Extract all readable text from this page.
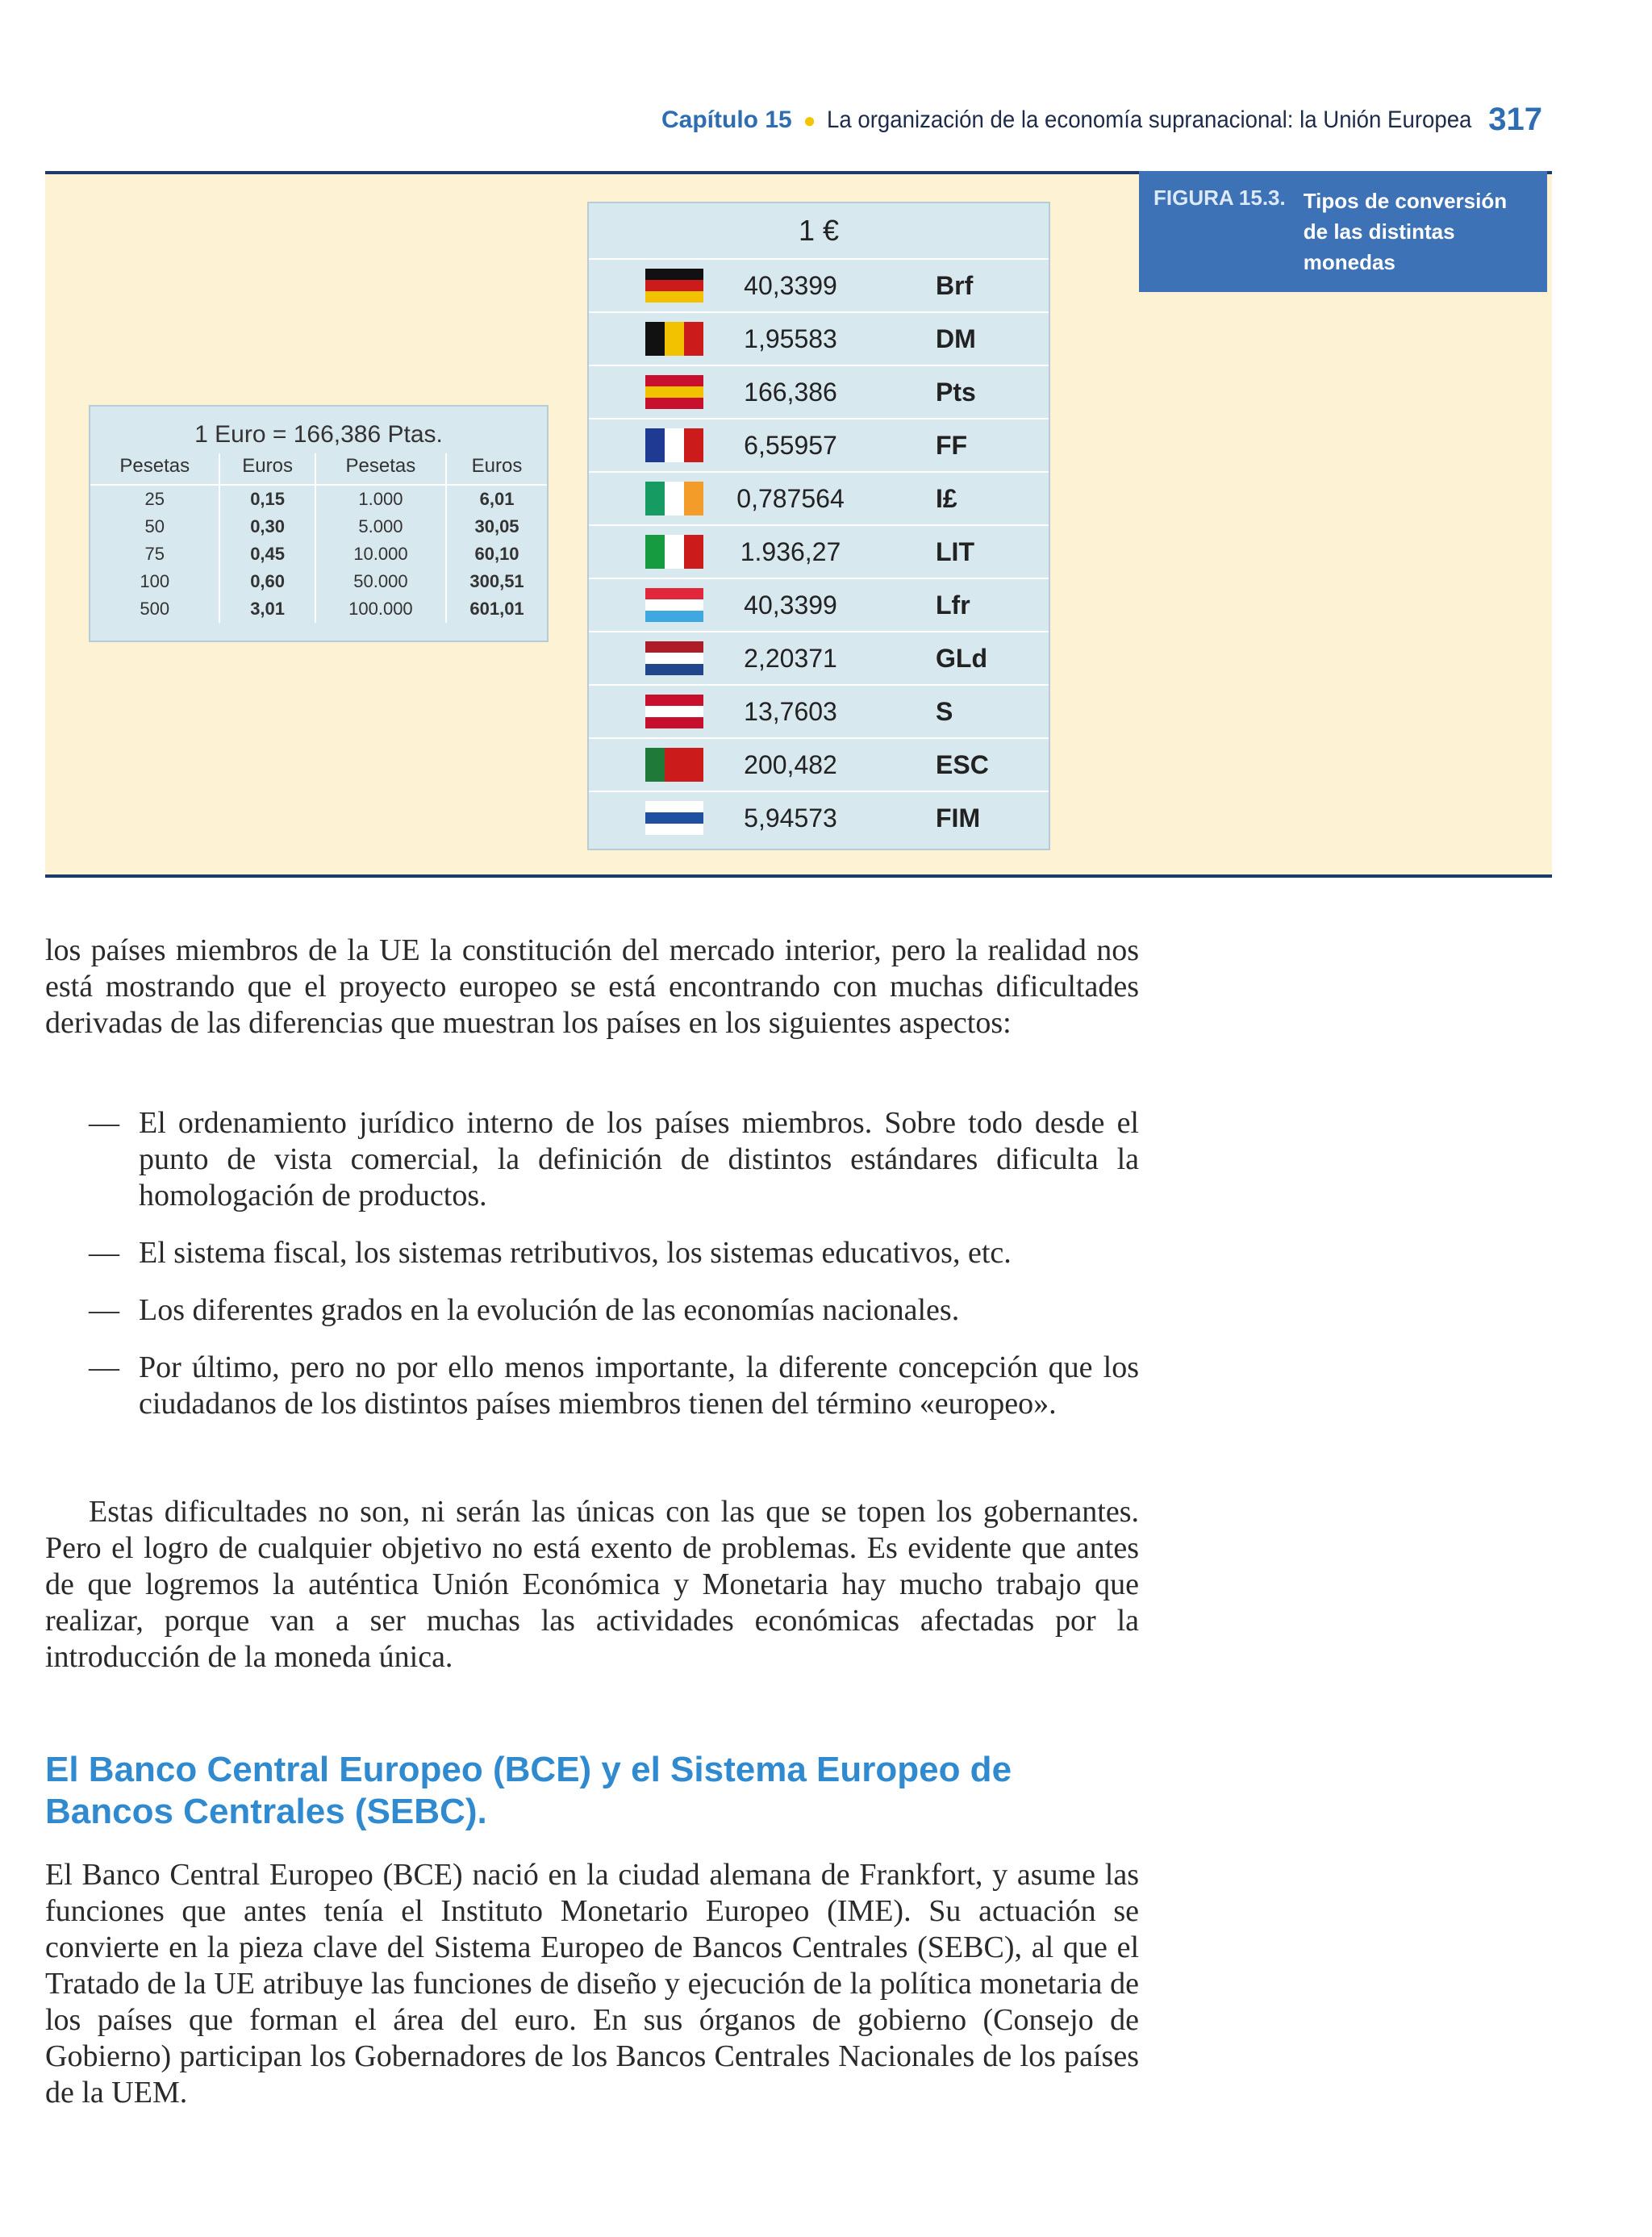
Capítulo 15 ● La organización de la economía supranacional: la Unión Europea 317
FIGURA 15.3. Tipos de conversión de las distintas monedas
1 Euro = 166,386 Ptas.
Pesetas	Euros	Pesetas	Euros
25	0,15	1.000	6,01
50	0,30	5.000	30,05
75	0,45	10.000	60,10
100	0,60	50.000	300,51
500	3,01	100.000	601,01
1 €
40,3399	Brf
1,95583	DM
166,386	Pts
6,55957	FF
0,787564	I£
1.936,27	LIT
40,3399	Lfr
2,20371	GLd
13,7603	S
200,482	ESC
5,94573	FIM
los países miembros de la UE la constitución del mercado interior, pero la realidad nos está mostrando que el proyecto europeo se está encontrando con muchas dificultades derivadas de las diferencias que muestran los países en los siguientes aspectos:
— El ordenamiento jurídico interno de los países miembros. Sobre todo desde el punto de vista comercial, la definición de distintos estándares dificulta la homologación de productos.
— El sistema fiscal, los sistemas retributivos, los sistemas educativos, etc.
— Los diferentes grados en la evolución de las economías nacionales.
— Por último, pero no por ello menos importante, la diferente concepción que los ciudadanos de los distintos países miembros tienen del término «europeo».
Estas dificultades no son, ni serán las únicas con las que se topen los gobernantes. Pero el logro de cualquier objetivo no está exento de problemas. Es evidente que antes de que logremos la auténtica Unión Económica y Monetaria hay mucho trabajo que realizar, porque van a ser muchas las actividades económicas afectadas por la introducción de la moneda única.
El Banco Central Europeo (BCE) y el Sistema Europeo de Bancos Centrales (SEBC).
El Banco Central Europeo (BCE) nació en la ciudad alemana de Frankfort, y asume las funciones que antes tenía el Instituto Monetario Europeo (IME). Su actuación se convierte en la pieza clave del Sistema Europeo de Bancos Centrales (SEBC), al que el Tratado de la UE atribuye las funciones de diseño y ejecución de la política monetaria de los países que forman el área del euro. En sus órganos de gobierno (Consejo de Gobierno) participan los Gobernadores de los Bancos Centrales Nacionales de los países de la UEM.
